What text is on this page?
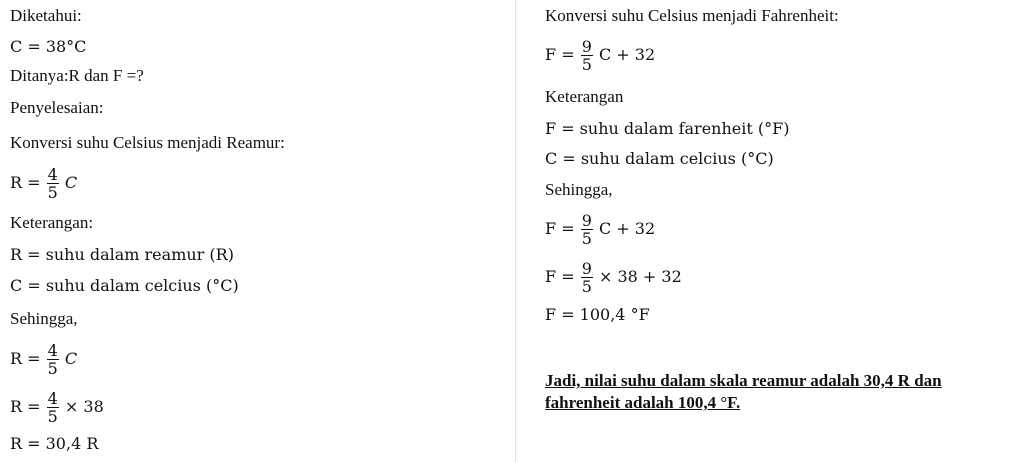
Diketahui:
C = 38°C
Ditanya:R dan F =?
Penyelesaian:
Konversi suhu Celsius menjadi Reamur:
$R = \frac{4}{5}$ C
Keterangan:
R = suhu dalam reamur (R)
C = suhu dalam celcius (°C)
Sehingga,
$R = \frac{4}{5}$ C
$R = \frac{4}{5} \times 38$
R = 30,4 R
Konversi suhu Celsius menjadi Fahrenheit:
$F = \frac{9}{5}$ C + 32
Keterangan
F = suhu dalam farenheit (°F)
C = suhu dalam celcius (°C)
Sehingga,
$F = \frac{9}{5}$ C + 32
$F = \frac{9}{5} \times 38 + 32$
F = 100,4 °F
Jadi, nilai suhu dalam skala reamur adalah 30,4 R dan fahrenheit adalah 100,4 °F.
